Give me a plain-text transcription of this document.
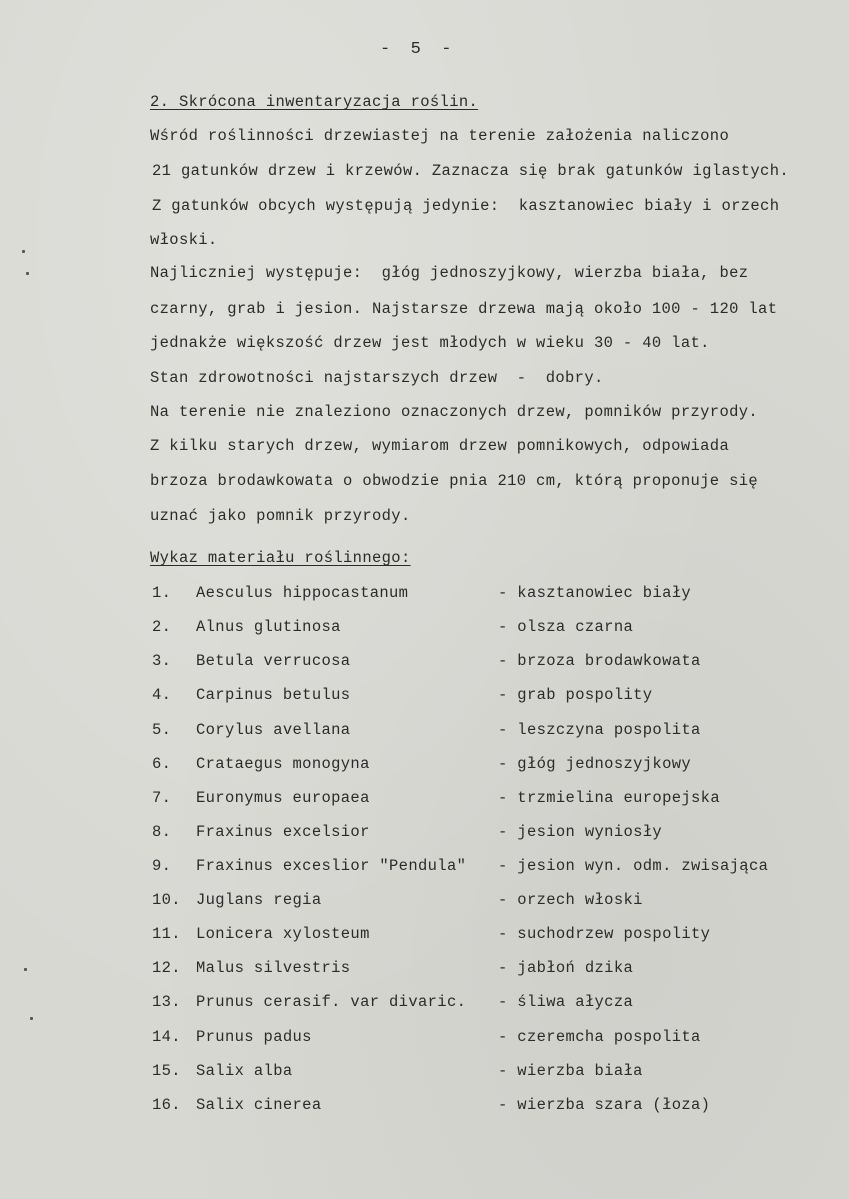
-  5  -
2. Skrócona inwentaryzacja roślin.
Wśród roślinności drzewiastej na terenie założenia naliczono
21 gatunków drzew i krzewów. Zaznacza się brak gatunków iglastych.
Z gatunków obcych występują jedynie:  kasztanowiec biały i orzech
włoski.
Najliczniej występuje:  głóg jednoszyjkowy, wierzba biała, bez
czarny, grab i jesion. Najstarsze drzewa mają około 100 - 120 lat
jednakże większość drzew jest młodych w wieku 30 - 40 lat.
Stan zdrowotności najstarszych drzew  -  dobry.
Na terenie nie znaleziono oznaczonych drzew, pomników przyrody.
Z kilku starych drzew, wymiarom drzew pomnikowych, odpowiada
brzoza brodawkowata o obwodzie pnia 210 cm, którą proponuje się
uznać jako pomnik przyrody.
Wykaz materiału roślinnego:
1.	Aesculus hippocastanum	- kasztanowiec biały
2.	Alnus glutinosa	- olsza czarna
3.	Betula verrucosa	- brzoza brodawkowata
4.	Carpinus betulus	- grab pospolity
5.	Corylus avellana	- leszczyna pospolita
6.	Crataegus monogyna	- głóg jednoszyjkowy
7.	Euronymus europaea	- trzmielina europejska
8.	Fraxinus excelsior	- jesion wyniosły
9.	Fraxinus exceslior "Pendula"	- jesion wyn. odm. zwisająca
10. Juglans regia	- orzech włoski
11. Lonicera xylosteum	- suchodrzew pospolity
12. Malus silvestris	- jabłoń dzika
13. Prunus cerasif. var divaric.	- śliwa ałycza
14. Prunus padus	- czeremcha pospolita
15. Salix alba	- wierzba biała
16. Salix cinerea	- wierzba szara (łoza)
